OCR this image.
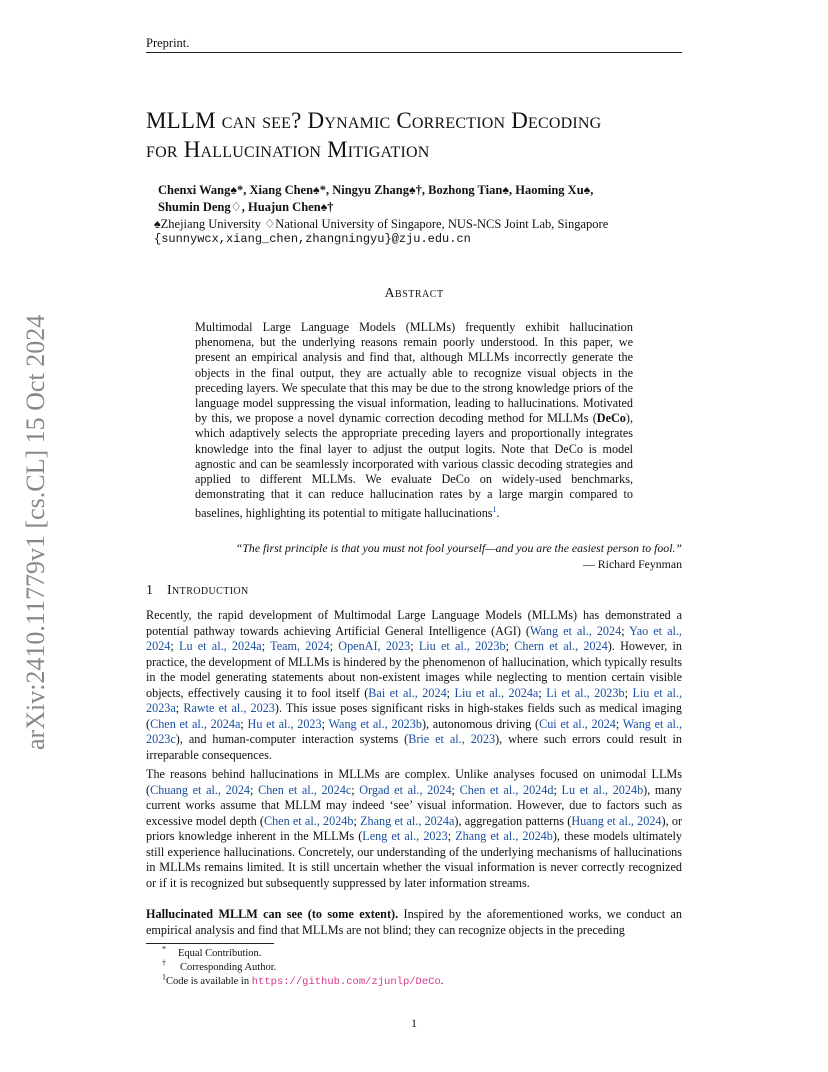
Preprint.
arXiv:2410.11779v1 [cs.CL] 15 Oct 2024
MLLM can see? Dynamic Correction Decoding
for Hallucination Mitigation
Chenxi Wang♠*, Xiang Chen♠*, Ningyu Zhang♠†, Bozhong Tian♠, Haoming Xu♠,
Shumin Deng♢, Huajun Chen♠†
♠Zhejiang University ♢National University of Singapore, NUS-NCS Joint Lab, Singapore
{sunnywcx,xiang_chen,zhangningyu}@zju.edu.cn
Abstract
Multimodal Large Language Models (MLLMs) frequently exhibit hallucination phenomena, but the underlying reasons remain poorly understood. In this paper, we present an empirical analysis and find that, although MLLMs incorrectly generate the objects in the final output, they are actually able to recognize visual objects in the preceding layers. We speculate that this may be due to the strong knowledge priors of the language model suppressing the visual information, leading to hallucinations. Motivated by this, we propose a novel dynamic correction decoding method for MLLMs (DeCo), which adaptively selects the appropriate preceding layers and proportionally integrates knowledge into the final layer to adjust the output logits. Note that DeCo is model agnostic and can be seamlessly incorporated with various classic decoding strategies and applied to different MLLMs. We evaluate DeCo on widely-used benchmarks, demonstrating that it can reduce hallucination rates by a large margin compared to baselines, highlighting its potential to mitigate hallucinations$^1$.
“The first principle is that you must not fool yourself—and you are the easiest person to fool.”
— Richard Feynman
1 Introduction
Recently, the rapid development of Multimodal Large Language Models (MLLMs) has demonstrated a potential pathway towards achieving Artificial General Intelligence (AGI) (Wang et al., 2024; Yao et al., 2024; Lu et al., 2024a; Team, 2024; OpenAI, 2023; Liu et al., 2023b; Chern et al., 2024). However, in practice, the development of MLLMs is hindered by the phenomenon of hallucination, which typically results in the model generating statements about non-existent images while neglecting to mention certain visible objects, effectively causing it to fool itself (Bai et al., 2024; Liu et al., 2024a; Li et al., 2023b; Liu et al., 2023a; Rawte et al., 2023). This issue poses significant risks in high-stakes fields such as medical imaging (Chen et al., 2024a; Hu et al., 2023; Wang et al., 2023b), autonomous driving (Cui et al., 2024; Wang et al., 2023c), and human-computer interaction systems (Brie et al., 2023), where such errors could result in irreparable consequences.
The reasons behind hallucinations in MLLMs are complex. Unlike analyses focused on unimodal LLMs (Chuang et al., 2024; Chen et al., 2024c; Orgad et al., 2024; Chen et al., 2024d; Lu et al., 2024b), many current works assume that MLLM may indeed ‘see’ visual information. However, due to factors such as excessive model depth (Chen et al., 2024b; Zhang et al., 2024a), aggregation patterns (Huang et al., 2024), or priors knowledge inherent in the MLLMs (Leng et al., 2023; Zhang et al., 2024b), these models ultimately still experience hallucinations. Concretely, our understanding of the underlying mechanisms of hallucinations in MLLMs remains limited. It is still uncertain whether the visual information is never correctly recognized or if it is recognized but subsequently suppressed by later information streams.
Hallucinated MLLM can see (to some extent). Inspired by the aforementioned works, we conduct an empirical analysis and find that MLLMs are not blind; they can recognize objects in the preceding
* Equal Contribution.
† Corresponding Author.
$^1$Code is available in https://github.com/zjunlp/DeCo.
1
